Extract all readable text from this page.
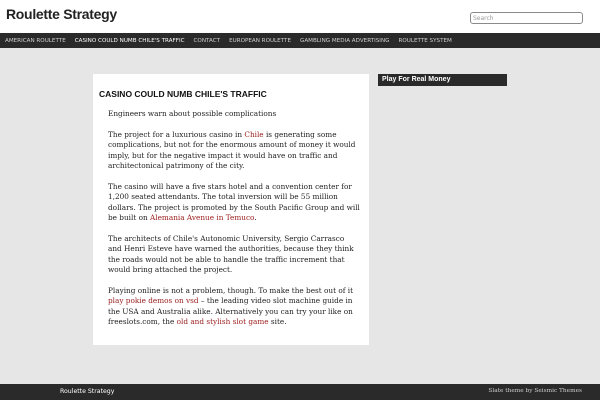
Roulette Strategy
Search
AMERICAN ROULETTE CASINO COULD NUMB CHILE'S TRAFFIC CONTACT EUROPEAN ROULETTE GAMBLING MEDIA ADVERTISING ROULETTE SYSTEM
CASINO COULD NUMB CHILE'S TRAFFIC

Engineers warn about possible complications

The project for a luxurious casino in Chile is generating some complications, but not for the enormous amount of money it would imply, but for the negative impact it would have on traffic and architectonical patrimony of the city.

The casino will have a five stars hotel and a convention center for 1,200 seated attendants. The total inversion will be 55 million dollars. The project is promoted by the South Pacific Group and will be built on Alemania Avenue in Temuco.

The architects of Chile's Autonomic University, Sergio Carrasco and Henri Esteve have warned the authorities, because they think the roads would not be able to handle the traffic increment that would bring attached the project.

Playing online is not a problem, though. To make the best out of it play pokie demos on vsd – the leading video slot machine guide in the USA and Australia alike. Alternatively you can try your like on freeslots.com, the old and stylish slot game site.

Play For Real Money
Roulette Strategy	Slate theme by Seismic Themes
